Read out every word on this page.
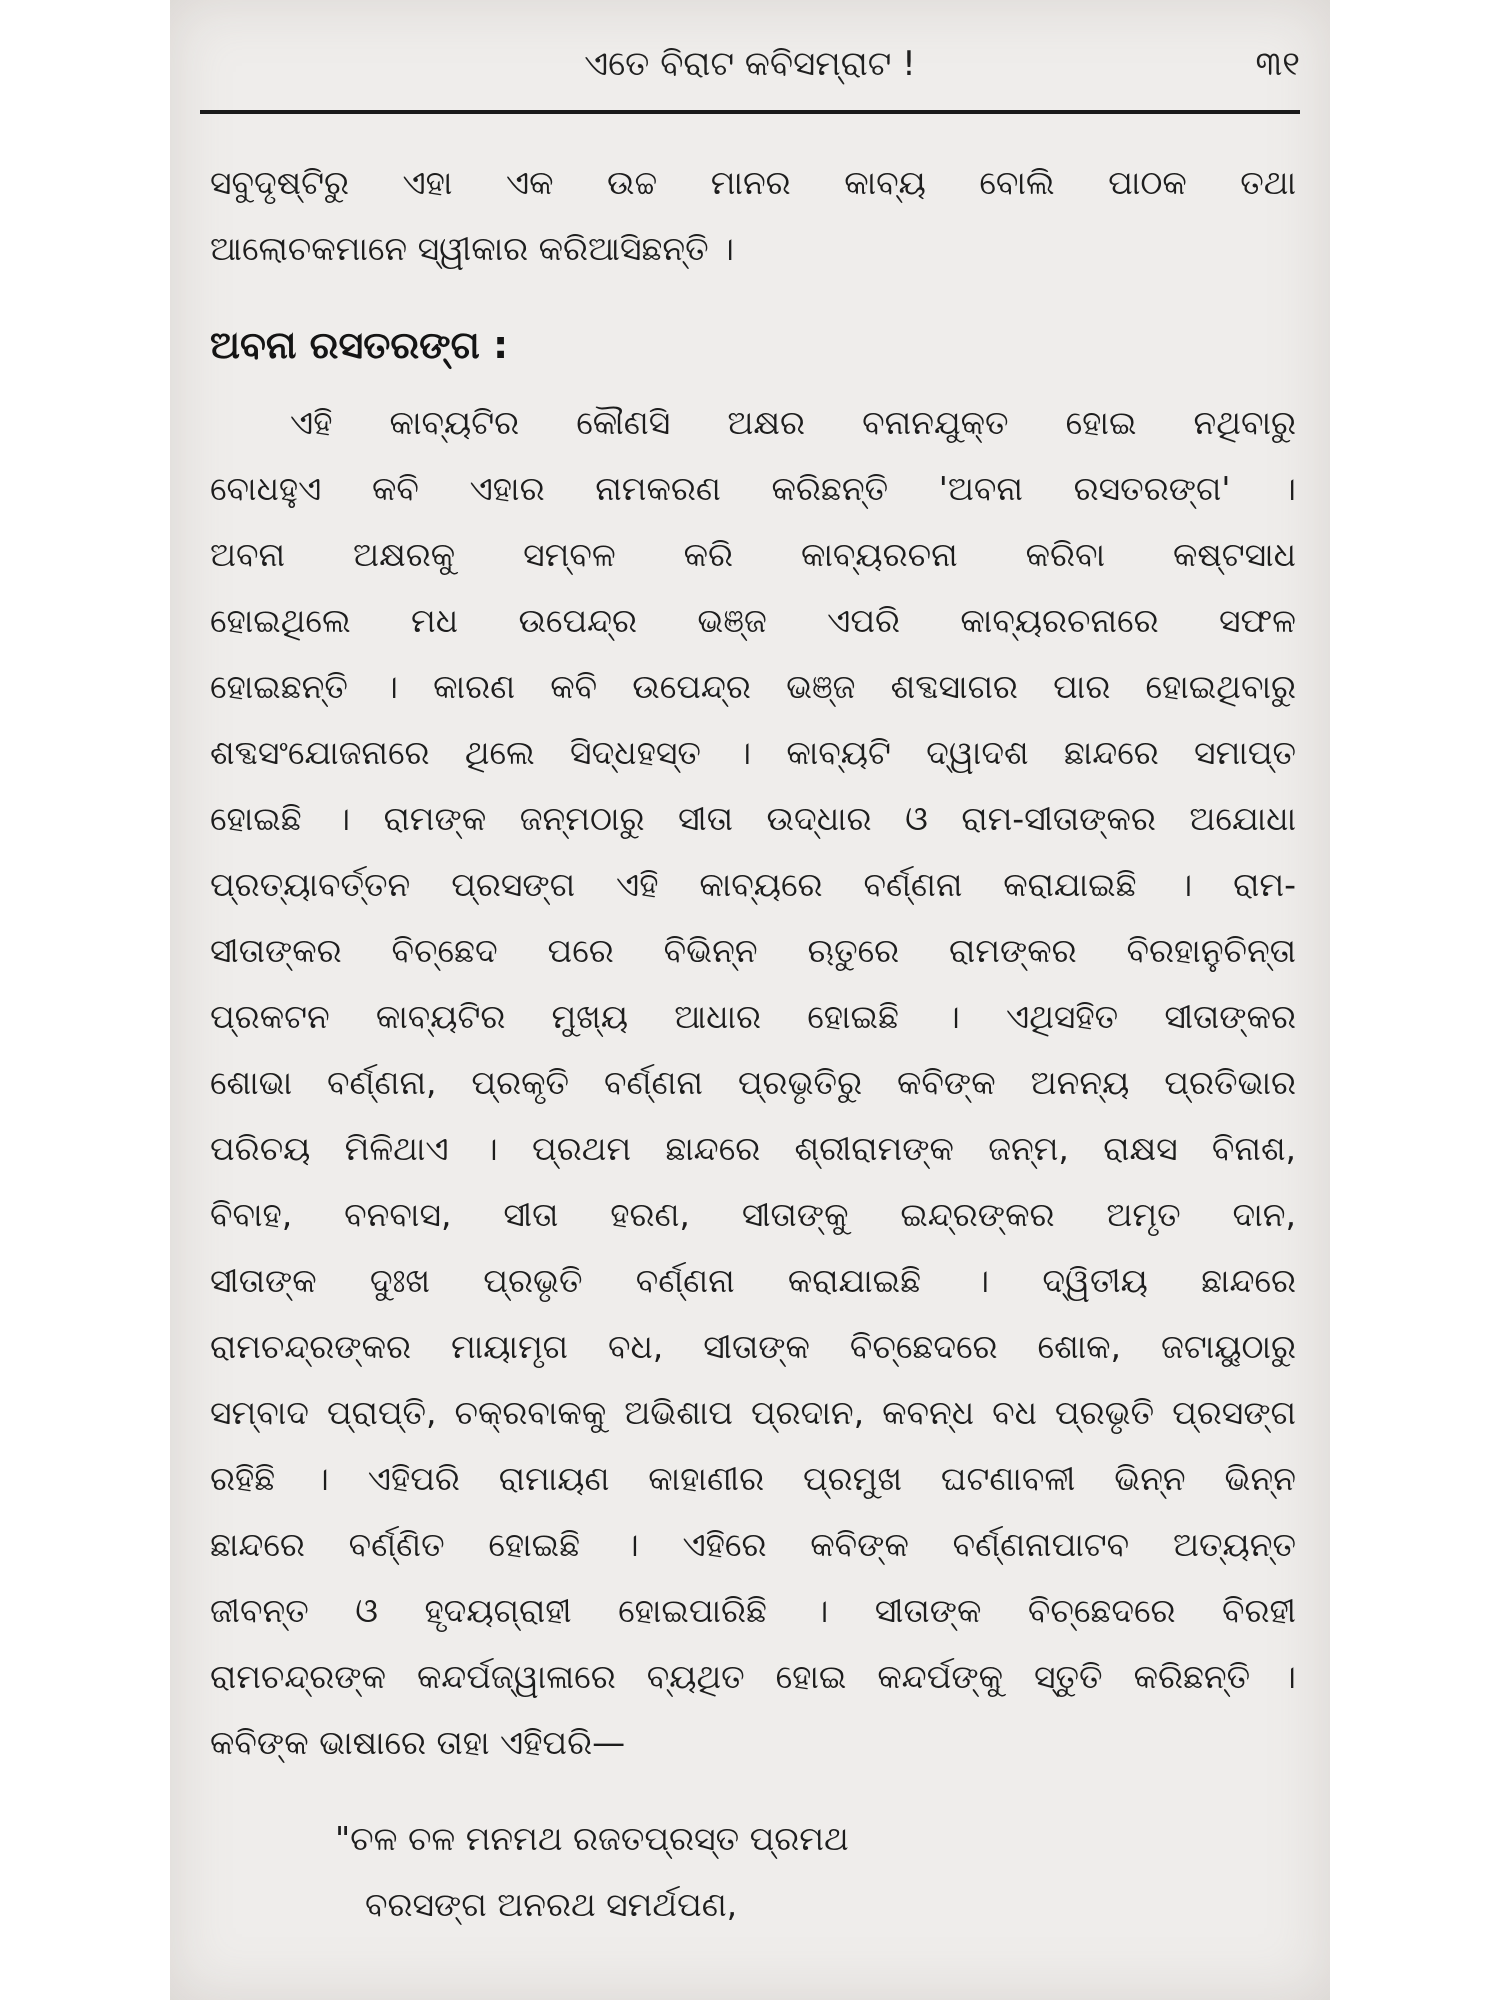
ଏତେ ବିରାଟ କବିସମ୍ରାଟ !	୩୧
ସବୁଦୃଷ୍ଟିରୁ ଏହା ଏକ ଉଚ୍ଚ ମାନର କାବ୍ୟ ବୋଲି ପାଠକ ତଥା
ଆଲୋଚକମାନେ ସ୍ୱୀକାର କରିଆସିଛନ୍ତି ।
ଅବନା ରସତରଙ୍ଗ :
ଏହି କାବ୍ୟଟିର କୌଣସି ଅକ୍ଷର ବନାନଯୁକ୍ତ ହୋଇ ନଥିବାରୁ
ବୋଧହୁଏ କବି ଏହାର ନାମକରଣ କରିଛନ୍ତି 'ଅବନା ରସତରଙ୍ଗ' ।
ଅବନା ଅକ୍ଷରକୁ ସମ୍ବଳ କରି କାବ୍ୟରଚନା କରିବା କଷ୍ଟସାଧ
ହୋଇଥିଲେ ମଧ ଉପେନ୍ଦ୍ର ଭଞ୍ଜ ଏପରି କାବ୍ୟରଚନାରେ ସଫଳ
ହୋଇଛନ୍ତି । କାରଣ କବି ଉପେନ୍ଦ୍ର ଭଞ୍ଜ ଶବ୍ଦସାଗର ପାର ହୋଇଥିବାରୁ
ଶବ୍ଦସଂଯୋଜନାରେ ଥିଲେ ସିଦ୍ଧହସ୍ତ । କାବ୍ୟଟି ଦ୍ୱାଦଶ ଛାନ୍ଦରେ ସମାପ୍ତ
ହୋଇଛି । ରାମଙ୍କ ଜନ୍ମଠାରୁ ସୀତା ଉଦ୍ଧାର ଓ ରାମ-ସୀତାଙ୍କର ଅଯୋଧା
ପ୍ରତ୍ୟାବର୍ତ୍ତନ ପ୍ରସଙ୍ଗ ଏହି କାବ୍ୟରେ ବର୍ଣ୍ଣନା କରାଯାଇଛି । ରାମ-
ସୀତାଙ୍କର ବିଚ୍ଛେଦ ପରେ ବିଭିନ୍ନ ଋତୁରେ ରାମଙ୍କର ବିରହାନୁଚିନ୍ତା
ପ୍ରକଟନ କାବ୍ୟଟିର ମୁଖ୍ୟ ଆଧାର ହୋଇଛି । ଏଥିସହିତ ସୀତାଙ୍କର
ଶୋଭା ବର୍ଣ୍ଣନା, ପ୍ରକୃତି ବର୍ଣ୍ଣନା ପ୍ରଭୃତିରୁ କବିଙ୍କ ଅନନ୍ୟ ପ୍ରତିଭାର
ପରିଚୟ ମିଳିଥାଏ । ପ୍ରଥମ ଛାନ୍ଦରେ ଶ୍ରୀରାମଙ୍କ ଜନ୍ମ, ରାକ୍ଷସ ବିନାଶ,
ବିବାହ, ବନବାସ, ସୀତା ହରଣ, ସୀତାଙ୍କୁ ଇନ୍ଦ୍ରଙ୍କର ଅମୃତ ଦାନ,
ସୀତାଙ୍କ ଦୁଃଖ ପ୍ରଭୃତି ବର୍ଣ୍ଣନା କରାଯାଇଛି । ଦ୍ୱିତୀୟ ଛାନ୍ଦରେ
ରାମଚନ୍ଦ୍ରଙ୍କର ମାୟାମୃଗ ବଧ, ସୀତାଙ୍କ ବିଚ୍ଛେଦରେ ଶୋକ, ଜଟାୟୁଠାରୁ
ସମ୍ବାଦ ପ୍ରାପ୍ତି, ଚକ୍ରବାକକୁ ଅଭିଶାପ ପ୍ରଦାନ, କବନ୍ଧ ବଧ ପ୍ରଭୃତି ପ୍ରସଙ୍ଗ
ରହିଛି । ଏହିପରି ରାମାୟଣ କାହାଣୀର ପ୍ରମୁଖ ଘଟଣାବଳୀ ଭିନ୍ନ ଭିନ୍ନ
ଛାନ୍ଦରେ ବର୍ଣ୍ଣିତ ହୋଇଛି । ଏହିରେ କବିଙ୍କ ବର୍ଣ୍ଣନାପାଟବ ଅତ୍ୟନ୍ତ
ଜୀବନ୍ତ ଓ ହୃଦୟଗ୍ରାହୀ ହୋଇପାରିଛି । ସୀତାଙ୍କ ବିଚ୍ଛେଦରେ ବିରହୀ
ରାମଚନ୍ଦ୍ରଙ୍କ କନ୍ଦର୍ପଜ୍ୱାଳାରେ ବ୍ୟଥିତ ହୋଇ କନ୍ଦର୍ପଙ୍କୁ ସ୍ତୁତି କରିଛନ୍ତି ।
କବିଙ୍କ ଭାଷାରେ ତାହା ଏହିପରି—
"ଚଳ ଚଳ ମନମଥ ରଜତପ୍ରସ୍ତ ପ୍ରମଥ
ବରସଙ୍ଗ ଅନରଥ ସମର୍ଥପଣ,
